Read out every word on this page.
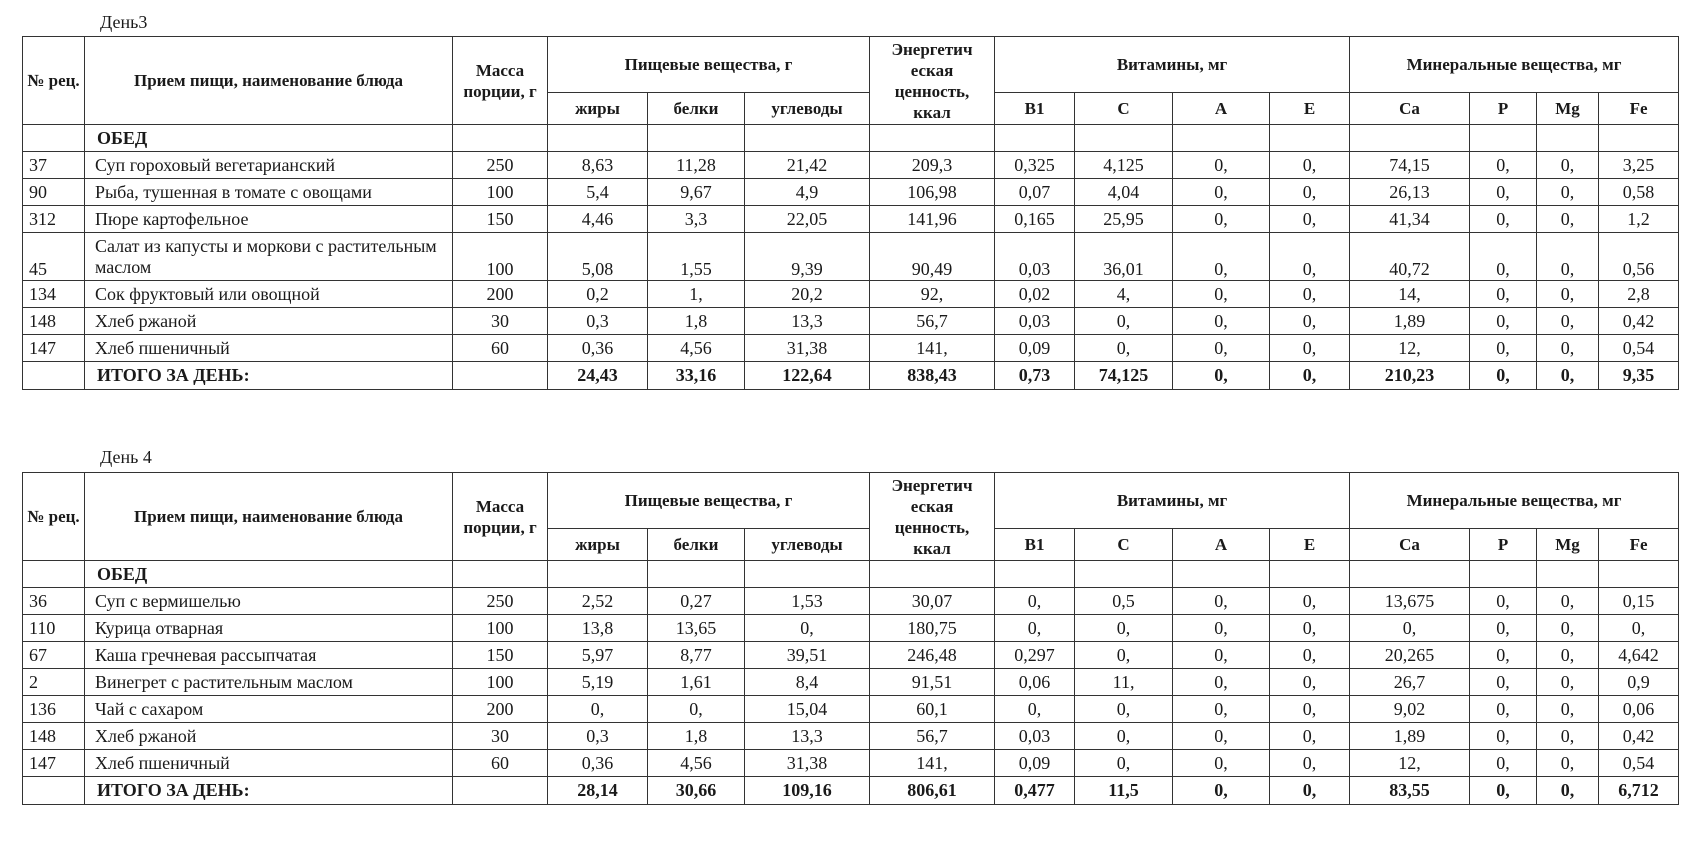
День3
№ рец.	Прием пищи, наименование блюда	Масса порции, г	Пищевые вещества, г			Энергетич еская ценность, ккал	Витамины, мг				Минеральные вещества, мг			
			жиры	белки	углеводы		B1	C	A	E	Ca	P	Mg	Fe
	ОБЕД													
37	Суп гороховый вегетарианский	250	8,63	11,28	21,42	209,3	0,325	4,125	0,	0,	74,15	0,	0,	3,25
90	Рыба, тушенная в томате с овощами	100	5,4	9,67	4,9	106,98	0,07	4,04	0,	0,	26,13	0,	0,	0,58
312	Пюре картофельное	150	4,46	3,3	22,05	141,96	0,165	25,95	0,	0,	41,34	0,	0,	1,2
45	Салат из капусты и моркови с растительным маслом	100	5,08	1,55	9,39	90,49	0,03	36,01	0,	0,	40,72	0,	0,	0,56
134	Сок фруктовый или овощной	200	0,2	1,	20,2	92,	0,02	4,	0,	0,	14,	0,	0,	2,8
148	Хлеб ржаной	30	0,3	1,8	13,3	56,7	0,03	0,	0,	0,	1,89	0,	0,	0,42
147	Хлеб пшеничный	60	0,36	4,56	31,38	141,	0,09	0,	0,	0,	12,	0,	0,	0,54
	ИТОГО ЗА ДЕНЬ:		24,43	33,16	122,64	838,43	0,73	74,125	0,	0,	210,23	0,	0,	9,35
День 4
№ рец.	Прием пищи, наименование блюда	Масса порции, г	Пищевые вещества, г			Энергетич еская ценность, ккал	Витамины, мг				Минеральные вещества, мг			
			жиры	белки	углеводы		B1	C	A	E	Ca	P	Mg	Fe
	ОБЕД													
36	Суп с вермишелью	250	2,52	0,27	1,53	30,07	0,	0,5	0,	0,	13,675	0,	0,	0,15
110	Курица отварная	100	13,8	13,65	0,	180,75	0,	0,	0,	0,	0,	0,	0,	0,
67	Каша гречневая рассыпчатая	150	5,97	8,77	39,51	246,48	0,297	0,	0,	0,	20,265	0,	0,	4,642
2	Винегрет с растительным маслом	100	5,19	1,61	8,4	91,51	0,06	11,	0,	0,	26,7	0,	0,	0,9
136	Чай с сахаром	200	0,	0,	15,04	60,1	0,	0,	0,	0,	9,02	0,	0,	0,06
148	Хлеб ржаной	30	0,3	1,8	13,3	56,7	0,03	0,	0,	0,	1,89	0,	0,	0,42
147	Хлеб пшеничный	60	0,36	4,56	31,38	141,	0,09	0,	0,	0,	12,	0,	0,	0,54
	ИТОГО ЗА ДЕНЬ:		28,14	30,66	109,16	806,61	0,477	11,5	0,	0,	83,55	0,	0,	6,712
